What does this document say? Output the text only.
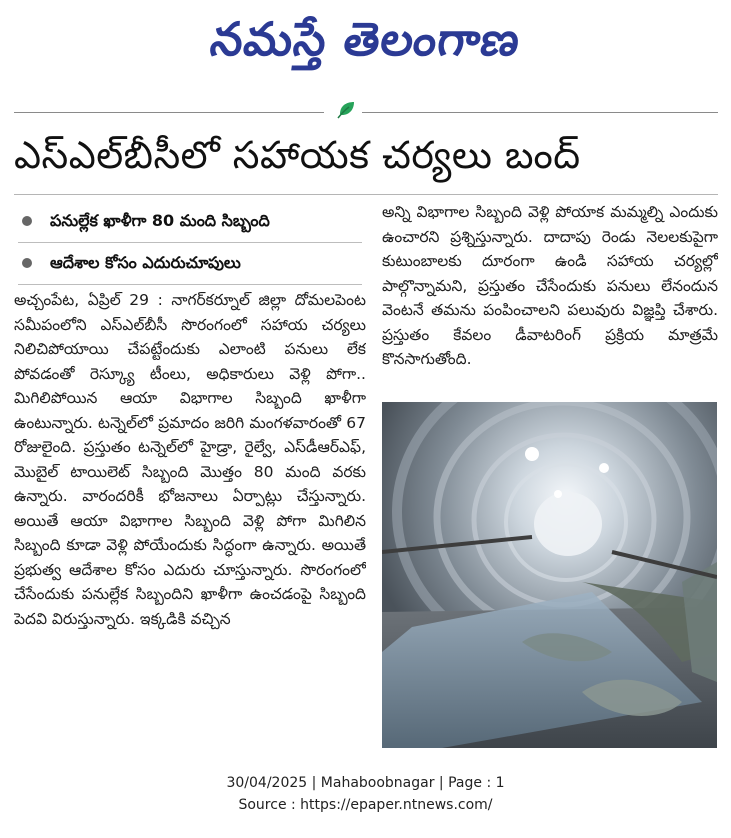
నమస్తే తెలంగాణ
ఎస్‌ఎల్‌బీసీలో సహాయక చర్యలు బంద్
పనుల్లేక ఖాళీగా 80 మంది సిబ్బంది
ఆదేశాల కోసం ఎదురుచూపులు

అచ్చంపేట, ఏప్రిల్ 29 : నాగర్‌కర్నూల్ జిల్లా దోమలపెంట సమీపంలోని ఎస్‌ఎల్‌బీసీ సొరంగంలో సహాయ చర్యలు నిలిచిపోయాయి చేపట్టేందుకు ఎలాంటి పనులు లేక పోవడంతో రెస్క్యూ టీంలు, అధికారులు వెళ్లి పోగా.. మిగిలిపోయిన ఆయా విభాగాల సిబ్బంది ఖాళీగా ఉంటున్నారు. టన్నెల్‌లో ప్రమాదం జరిగి మంగళవారంతో 67 రోజులైంది. ప్రస్తుతం టన్నెల్‌లో హైడ్రా, రైల్వే, ఎస్‌డీఆర్‌ఎఫ్, మొబైల్ టాయిలెట్ సిబ్బంది మొత్తం 80 మంది వరకు ఉన్నారు. వారందరికీ భోజనాలు ఏర్పాట్లు చేస్తున్నారు. అయితే ఆయా విభాగాల సిబ్బంది వెళ్లి పోగా మిగిలిన సిబ్బంది కూడా వెళ్లి పోయేందుకు సిద్ధంగా ఉన్నారు. అయితే ప్రభుత్వ ఆదేశాల కోసం ఎదురు చూస్తున్నారు. సొరంగంలో చేసేందుకు పనుల్లేక సిబ్బందిని ఖాళీగా ఉంచడంపై సిబ్బంది పెదవి విరుస్తున్నారు. ఇక్కడికి వచ్చిన

అన్ని విభాగాల సిబ్బంది వెళ్లి పోయాక మమ్మల్ని ఎందుకు ఉంచారని ప్రశ్నిస్తున్నారు. దాదాపు రెండు నెలలకుపైగా కుటుంబాలకు దూరంగా ఉండి సహాయ చర్యల్లో పాల్గొన్నామని, ప్రస్తుతం చేసేందుకు పనులు లేనందున వెంటనే తమను పంపించాలని పలువురు విజ్ఞప్తి చేశారు. ప్రస్తుతం కేవలం డీవాటరింగ్ ప్రక్రియ మాత్రమే కొనసాగుతోంది.

30/04/2025 | Mahaboobnagar | Page : 1
Source : https://epaper.ntnews.com/
